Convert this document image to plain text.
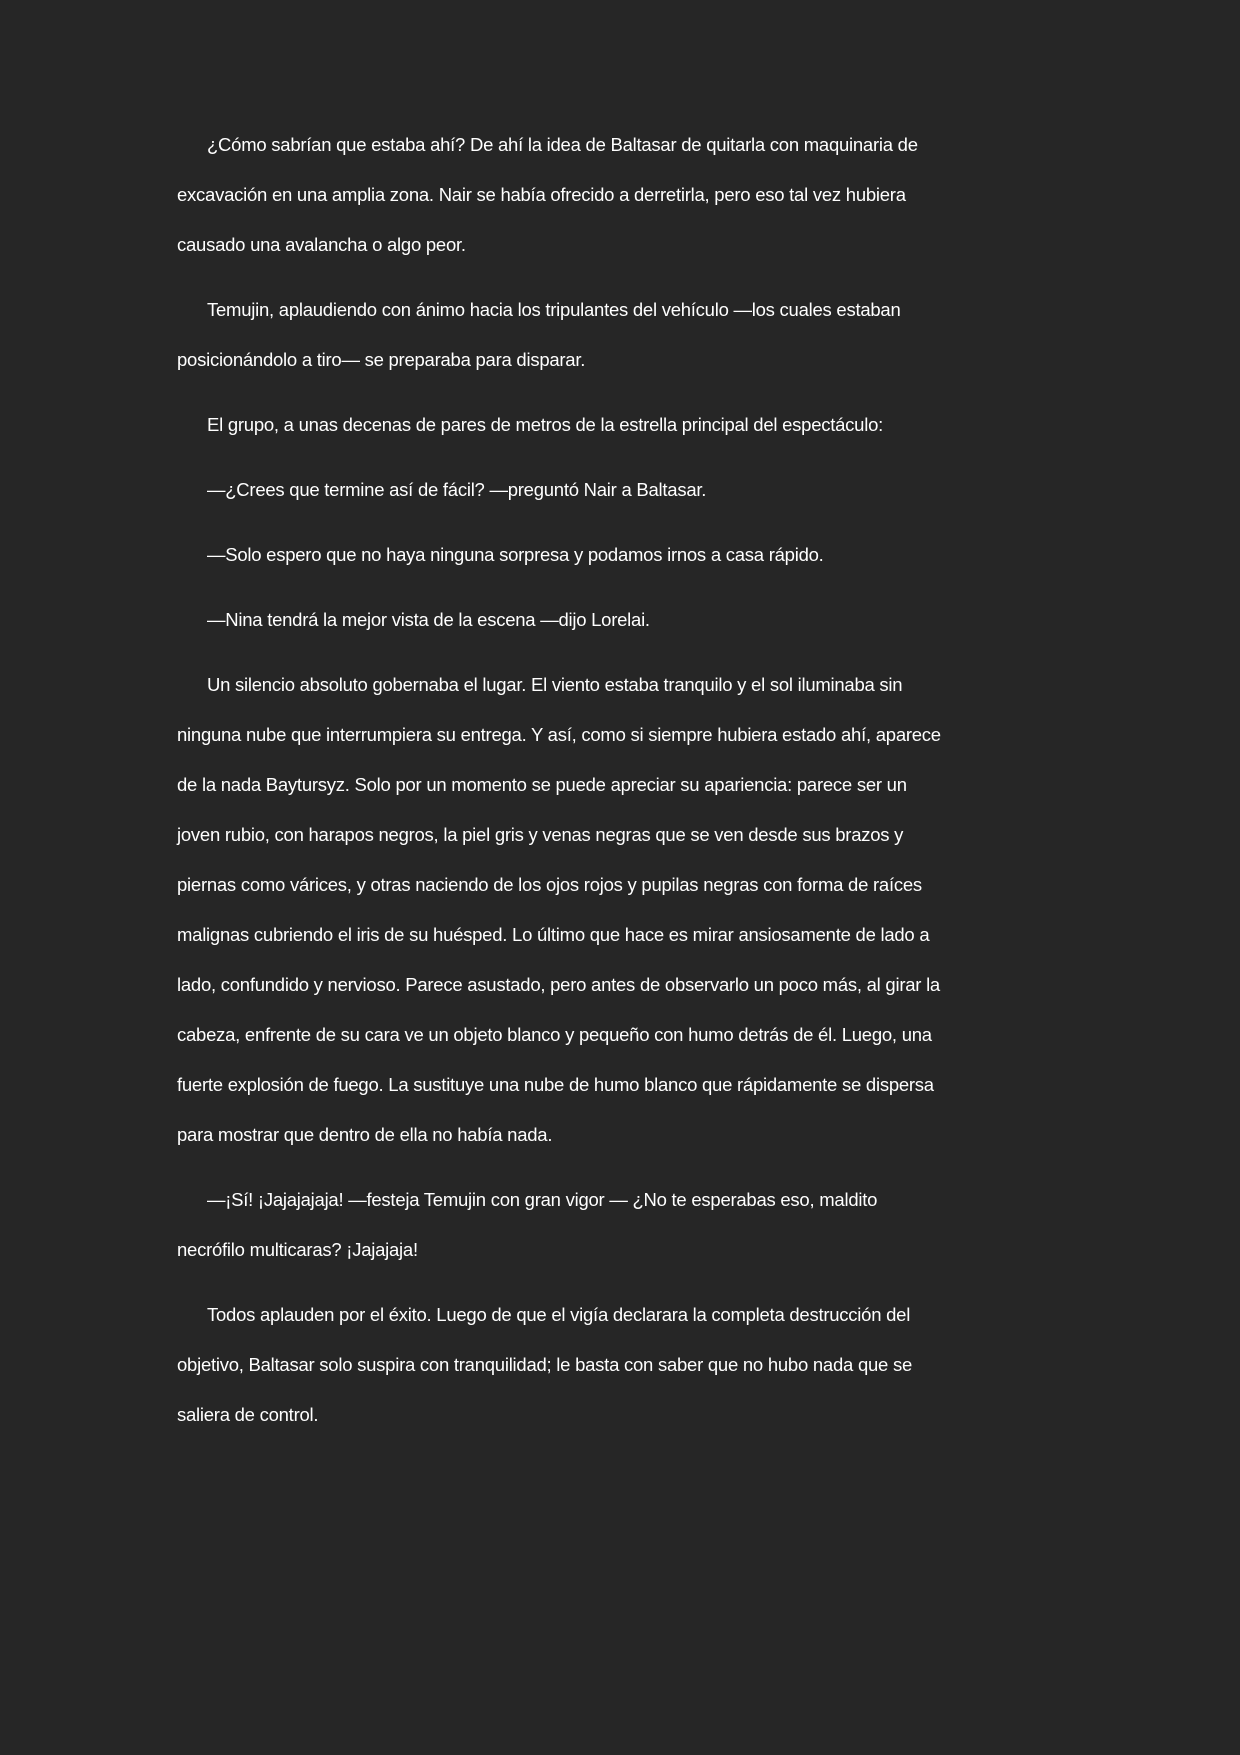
¿Cómo sabrían que estaba ahí? De ahí la idea de Baltasar de quitarla con maquinaria de
excavación en una amplia zona. Nair se había ofrecido a derretirla, pero eso tal vez hubiera
causado una avalancha o algo peor.
Temujin, aplaudiendo con ánimo hacia los tripulantes del vehículo —los cuales estaban
posicionándolo a tiro— se preparaba para disparar.
El grupo, a unas decenas de pares de metros de la estrella principal del espectáculo:
—¿Crees que termine así de fácil? —preguntó Nair a Baltasar.
—Solo espero que no haya ninguna sorpresa y podamos irnos a casa rápido.
—Nina tendrá la mejor vista de la escena —dijo Lorelai.
Un silencio absoluto gobernaba el lugar. El viento estaba tranquilo y el sol iluminaba sin
ninguna nube que interrumpiera su entrega. Y así, como si siempre hubiera estado ahí, aparece
de la nada Baytursyz. Solo por un momento se puede apreciar su apariencia: parece ser un
joven rubio, con harapos negros, la piel gris y venas negras que se ven desde sus brazos y
piernas como várices, y otras naciendo de los ojos rojos y pupilas negras con forma de raíces
malignas cubriendo el iris de su huésped. Lo último que hace es mirar ansiosamente de lado a
lado, confundido y nervioso. Parece asustado, pero antes de observarlo un poco más, al girar la
cabeza, enfrente de su cara ve un objeto blanco y pequeño con humo detrás de él. Luego, una
fuerte explosión de fuego. La sustituye una nube de humo blanco que rápidamente se dispersa
para mostrar que dentro de ella no había nada.
—¡Sí! ¡Jajajajaja! —festeja Temujin con gran vigor — ¿No te esperabas eso, maldito
necrófilo multicaras? ¡Jajajaja!
Todos aplauden por el éxito. Luego de que el vigía declarara la completa destrucción del
objetivo, Baltasar solo suspira con tranquilidad; le basta con saber que no hubo nada que se
saliera de control.
